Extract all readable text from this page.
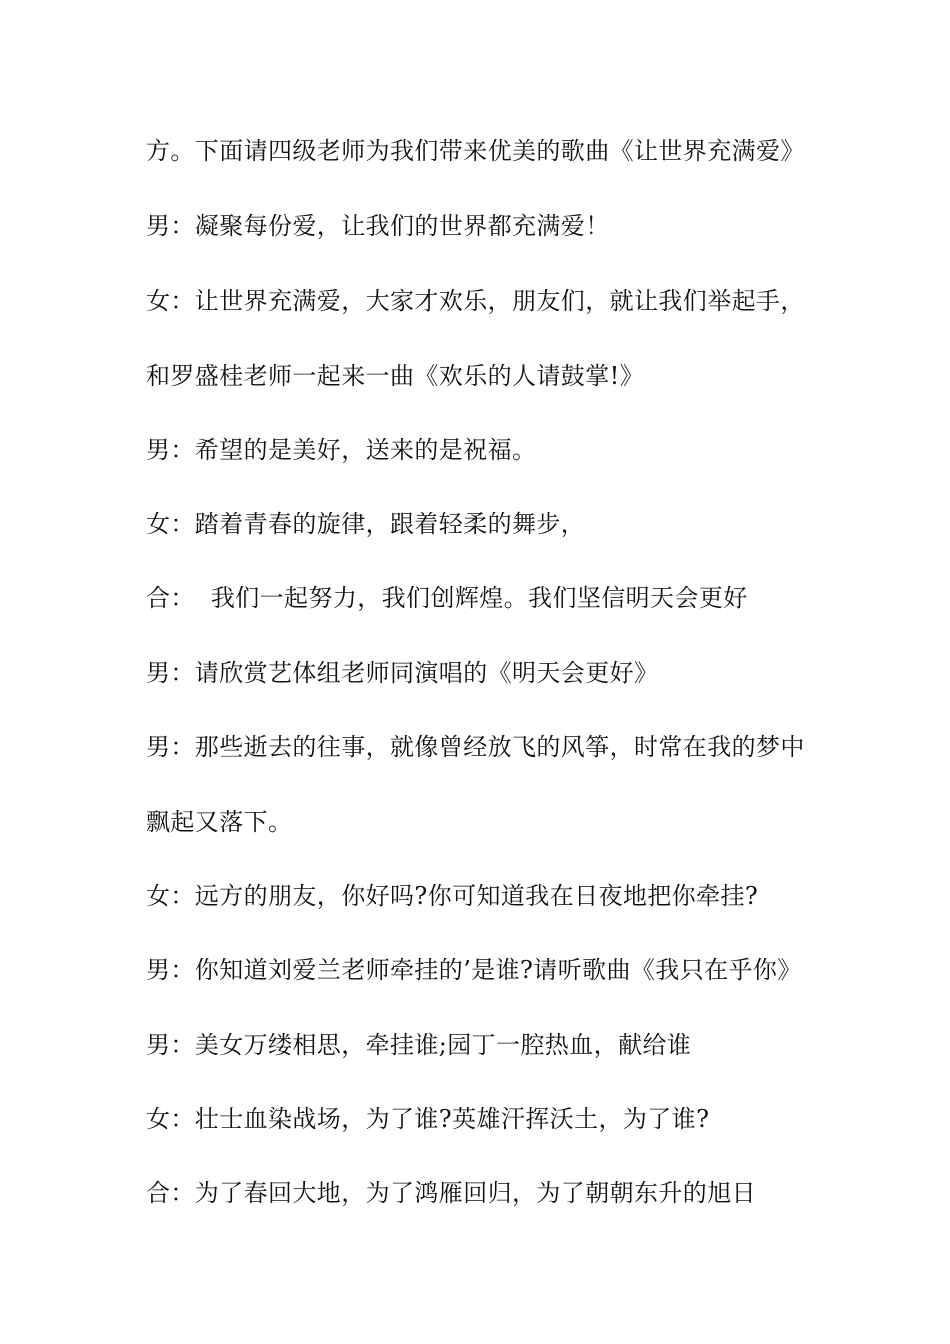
方。下面请四级老师为我们带来优美的歌曲《让世界充满爱》
男：凝聚每份爱，让我们的世界都充满爱！
女：让世界充满爱，大家才欢乐，朋友们，就让我们举起手，
和罗盛桂老师一起来一曲《欢乐的人请鼓掌!》
男：希望的是美好，送来的是祝福。
女：踏着青春的旋律，跟着轻柔的舞步，
合：  我们一起努力，我们创辉煌。我们坚信明天会更好
男：请欣赏艺体组老师同演唱的《明天会更好》
男：那些逝去的往事，就像曾经放飞的风筝，时常在我的梦中
飘起又落下。
女：远方的朋友，你好吗?你可知道我在日夜地把你牵挂?
男：你知道刘爱兰老师牵挂的’是谁?请听歌曲《我只在乎你》
男：美女万缕相思，牵挂谁;园丁一腔热血，献给谁
女：壮士血染战场，为了谁?英雄汗挥沃土，为了谁?
合：为了春回大地，为了鸿雁回归，为了朝朝东升的旭日
